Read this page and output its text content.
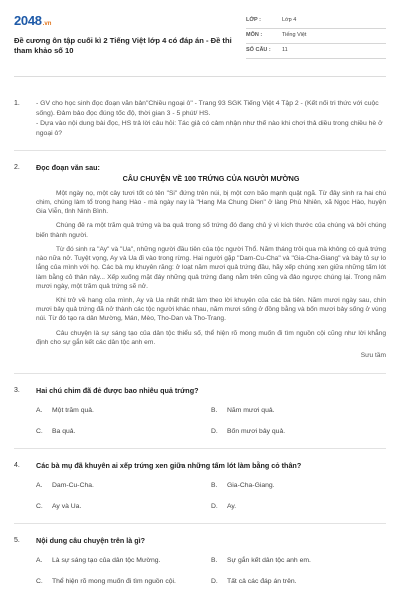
2048 .vn
Đề cương ôn tập cuối kì 2 Tiếng Việt lớp 4 có đáp án - Đề thi tham khảo số 10
LỚP :	Lớp 4
MÔN :	Tiếng Việt
SỐ CÂU :	11
1.	- GV cho học sinh đọc đoạn văn bản"Chiều ngoại ô" - Trang 93 SGK Tiếng Việt 4 Tập 2 - (Kết nối tri thức với cuộc sống). Đảm bảo đọc đúng tốc độ, thời gian 3 - 5 phút/ HS.

- Dựa vào nội dung bài đọc, HS trả lời câu hỏi: Tác giả có cảm nhận như thế nào khi chơi thả diều trong chiều hè ở ngoại ô?

2.	Đọc đoạn văn sau:
CÂU CHUYỆN VỀ 100 TRỨNG CỦA NGƯỜI MƯỜNG

Một ngày nọ, một cây tươi tốt có tên "Si" đứng trên núi, bị một cơn bão mạnh quật ngã. Từ đây sinh ra hai chú chim, chúng làm tổ trong hang Hào - mà ngày nay là "Hang Ma Chung Dien" ở làng Phù Nhiên, xã Ngọc Hào, huyện Gia Viễn, tỉnh Ninh Bình.

Chúng đẻ ra một trăm quả trứng và ba quả trong số trứng đó đang chủ ý vì kích thước của chúng và bởi chúng biến thành người.

Từ đó sinh ra "Ay" và "Ua", những người đầu tiên của tộc người Thổ. Năm tháng trôi qua mà không có quả trứng nào nữa nở. Tuyệt vọng, Ay và Ua đi vào trong rừng. Hai người gặp "Dam-Cu-Cha" và "Gia-Cha-Giang" và bày tỏ sự lo lắng của mình với họ. Các bà mụ khuyên răng: ở loạt năm mươi quả trứng đầu, hãy xếp chúng xen giữa những tấm lót làm bằng cỏ thân nây... Xếp xuống mặt đáy những quả trứng đang nằm trên cũng và đảo ngược chúng lại. Trong năm mươi ngày, một trăm quả trứng sẽ nở.

Khi trở về hang của mình, Ay và Ua nhất nhất làm theo lời khuyên của các bà tiên. Năm mươi ngày sau, chín mươi bảy quả trứng đã nở thành các tộc người khác nhau, năm mươi sống ở đồng bằng và bốn mươi bảy sống ở vùng núi. Từ đó tạo ra dân Mường, Mán, Mèo, Tho-Dan và Tho-Trang.

Câu chuyện là sự sáng tạo của dân tộc thiểu số, thể hiện rõ mong muốn đi tìm nguồn cội cũng như lời khẳng định cho sự gắn kết các dân tộc anh em.

Sưu tầm
3.	Hai chú chim đã đẻ được bao nhiêu quả trứng?
A.	Một trăm quả.	B.	Năm mươi quả.
C.	Ba quả.	D.	Bốn mươi bảy quả.
4.	Các bà mụ đã khuyên ai xếp trứng xen giữa những tấm lót làm bằng cỏ thân?
A.	Dam-Cu-Cha.	B.	Gia-Cha-Giang.
C.	Ay và Ua.	D.	Ay.
5.	Nội dung câu chuyện trên là gì?
A.	Là sự sáng tạo của dân tộc Mường.	B.	Sự gắn kết dân tộc anh em.
C.	Thể hiện rõ mong muốn đi tìm nguồn cội.	D.	Tất cả các đáp án trên.
